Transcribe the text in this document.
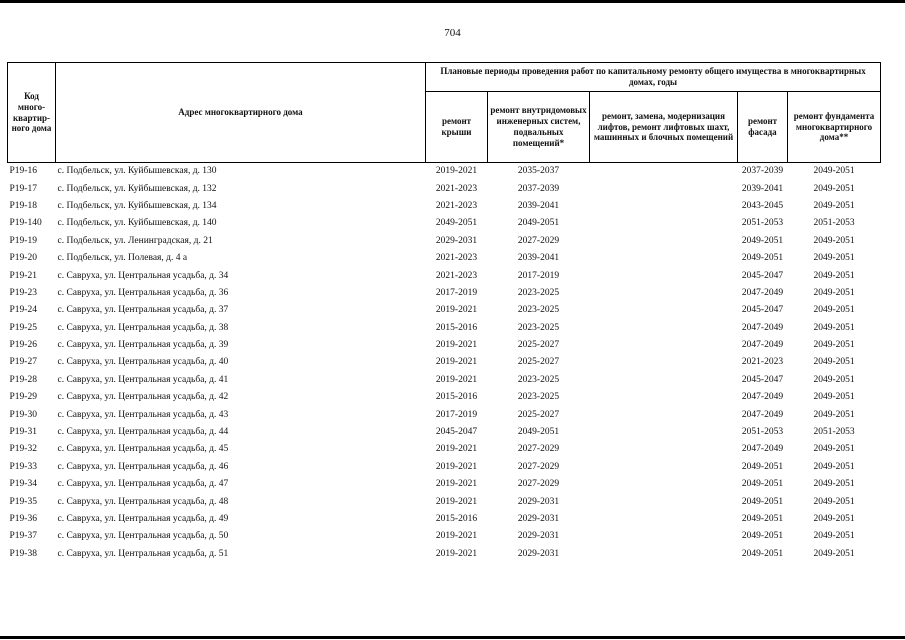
704
Код много-квартир-ного дома	Адрес многоквартирного дома	Плановые периоды проведения работ по капитальному ремонту общего имущества в многоквартирных домах, годы				
		ремонт крыши	ремонт внутридомовых инженерных систем, подвальных помещений*	ремонт, замена, модернизация лифтов, ремонт лифтовых шахт, машинных и блочных помещений	ремонт фасада	ремонт фундамента многоквартирного дома**
Р19-16	с. Подбельск, ул. Куйбышевская, д. 130	2019-2021	2035-2037		2037-2039	2049-2051
Р19-17	с. Подбельск, ул. Куйбышевская, д. 132	2021-2023	2037-2039		2039-2041	2049-2051
Р19-18	с. Подбельск, ул. Куйбышевская, д. 134	2021-2023	2039-2041		2043-2045	2049-2051
Р19-140	с. Подбельск, ул. Куйбышевская, д. 140	2049-2051	2049-2051		2051-2053	2051-2053
Р19-19	с. Подбельск, ул. Ленинградская, д. 21	2029-2031	2027-2029		2049-2051	2049-2051
Р19-20	с. Подбельск, ул. Полевая, д. 4 а	2021-2023	2039-2041		2049-2051	2049-2051
Р19-21	с. Савруха, ул. Центральная усадьба, д. 34	2021-2023	2017-2019		2045-2047	2049-2051
Р19-23	с. Савруха, ул. Центральная усадьба, д. 36	2017-2019	2023-2025		2047-2049	2049-2051
Р19-24	с. Савруха, ул. Центральная усадьба, д. 37	2019-2021	2023-2025		2045-2047	2049-2051
Р19-25	с. Савруха, ул. Центральная усадьба, д. 38	2015-2016	2023-2025		2047-2049	2049-2051
Р19-26	с. Савруха, ул. Центральная усадьба, д. 39	2019-2021	2025-2027		2047-2049	2049-2051
Р19-27	с. Савруха, ул. Центральная усадьба, д. 40	2019-2021	2025-2027		2021-2023	2049-2051
Р19-28	с. Савруха, ул. Центральная усадьба, д. 41	2019-2021	2023-2025		2045-2047	2049-2051
Р19-29	с. Савруха, ул. Центральная усадьба, д. 42	2015-2016	2023-2025		2047-2049	2049-2051
Р19-30	с. Савруха, ул. Центральная усадьба, д. 43	2017-2019	2025-2027		2047-2049	2049-2051
Р19-31	с. Савруха, ул. Центральная усадьба, д. 44	2045-2047	2049-2051		2051-2053	2051-2053
Р19-32	с. Савруха, ул. Центральная усадьба, д. 45	2019-2021	2027-2029		2047-2049	2049-2051
Р19-33	с. Савруха, ул. Центральная усадьба, д. 46	2019-2021	2027-2029		2049-2051	2049-2051
Р19-34	с. Савруха, ул. Центральная усадьба, д. 47	2019-2021	2027-2029		2049-2051	2049-2051
Р19-35	с. Савруха, ул. Центральная усадьба, д. 48	2019-2021	2029-2031		2049-2051	2049-2051
Р19-36	с. Савруха, ул. Центральная усадьба, д. 49	2015-2016	2029-2031		2049-2051	2049-2051
Р19-37	с. Савруха, ул. Центральная усадьба, д. 50	2019-2021	2029-2031		2049-2051	2049-2051
Р19-38	с. Савруха, ул. Центральная усадьба, д. 51	2019-2021	2029-2031		2049-2051	2049-2051
